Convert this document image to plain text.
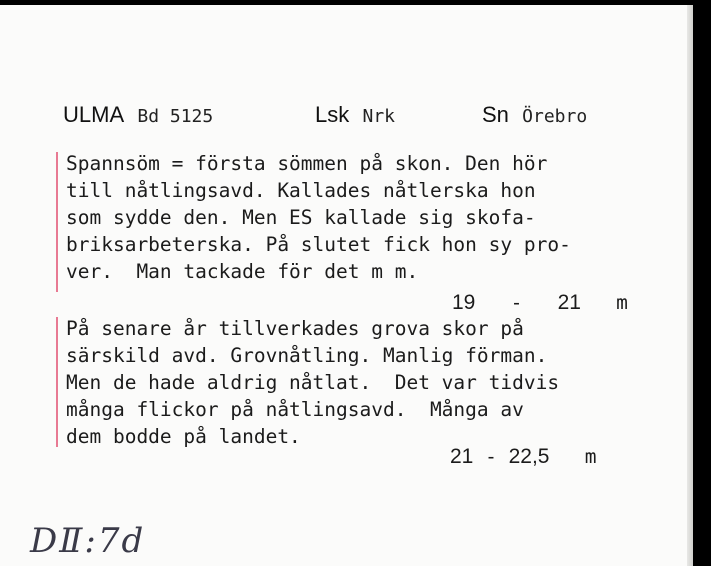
ULMA Bd 5125	Lsk Nrk	Sn Örebro
Spannsöm = första sömmen på skon. Den hör
till nåtlingsavd. Kallades nåtlerska hon
som sydde den. Men ES kallade sig skofa-
briksarbeterska. På slutet fick hon sy pro-
ver.  Man tackade för det m m.
19 - 21 m
På senare år tillverkades grova skor på
särskild avd. Grovnåtling. Manlig förman.
Men de hade aldrig nåtlat.  Det var tidvis
många flickor på nåtlingsavd.  Många av
dem bodde på landet.
21 - 22,5 m
DⅡ:7d
